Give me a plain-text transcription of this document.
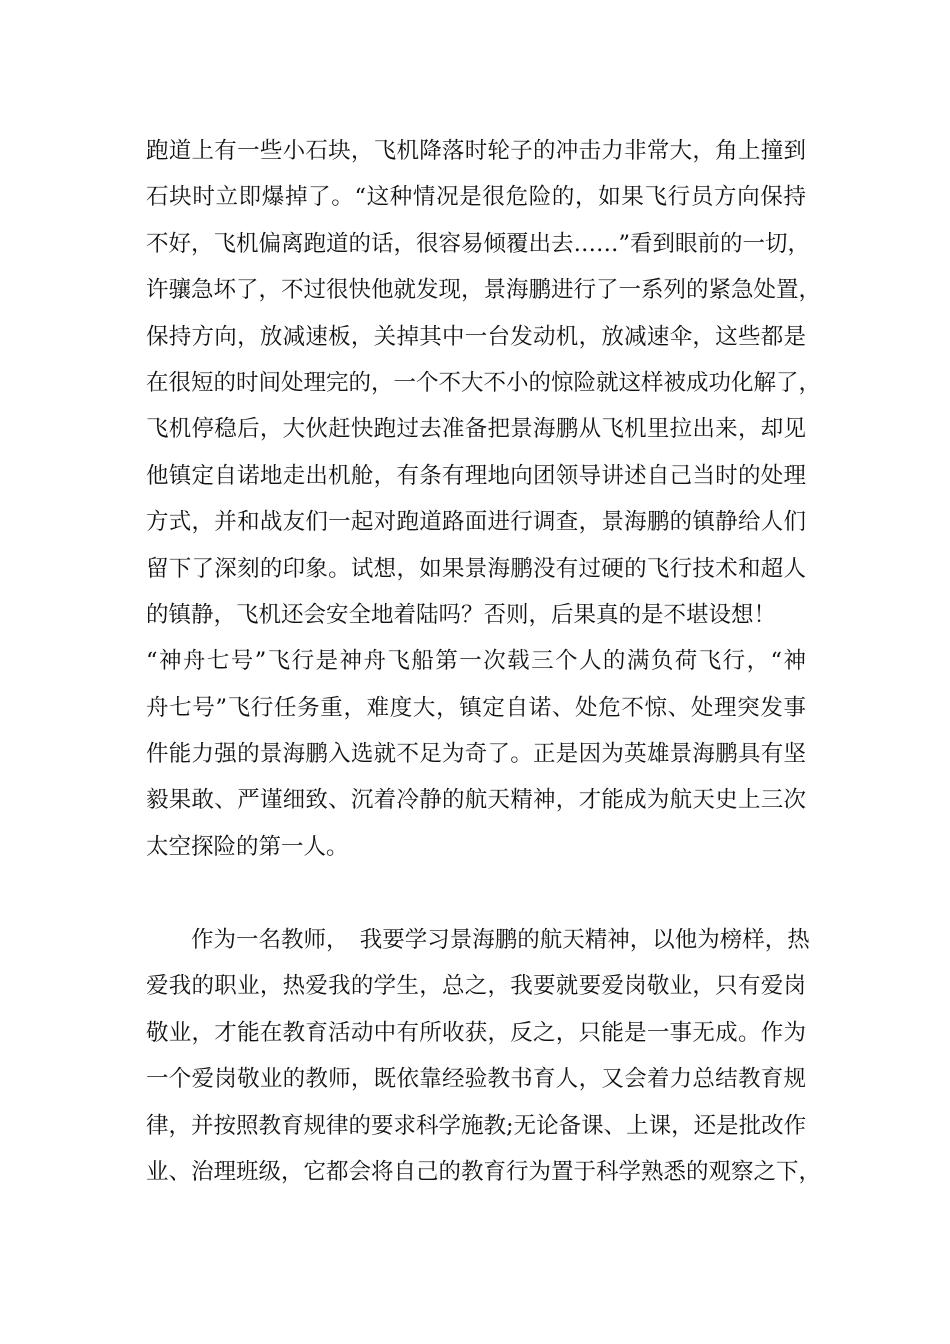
跑道上有一些小石块，飞机降落时轮子的冲击力非常大，角上撞到
石块时立即爆掉了。“这种情况是很危险的，如果飞行员方向保持
不好，飞机偏离跑道的话，很容易倾覆出去……”看到眼前的一切，
许骧急坏了，不过很快他就发现，景海鹏进行了一系列的紧急处置，
保持方向，放减速板，关掉其中一台发动机，放减速伞，这些都是
在很短的时间处理完的，一个不大不小的惊险就这样被成功化解了，
飞机停稳后，大伙赶快跑过去准备把景海鹏从飞机里拉出来，却见
他镇定自诺地走出机舱，有条有理地向团领导讲述自己当时的处理
方式，并和战友们一起对跑道路面进行调查，景海鹏的镇静给人们
留下了深刻的印象。试想，如果景海鹏没有过硬的飞行技术和超人
的镇静，飞机还会安全地着陆吗？否则，后果真的是不堪设想！
“神舟七号”飞行是神舟飞船第一次载三个人的满负荷飞行，“神
舟七号”飞行任务重，难度大，镇定自诺、处危不惊、处理突发事
件能力强的景海鹏入选就不足为奇了。正是因为英雄景海鹏具有坚
毅果敢、严谨细致、沉着冷静的航天精神，才能成为航天史上三次
太空探险的第一人。
　　作为一名教师，　我要学习景海鹏的航天精神，以他为榜样，热
爱我的职业，热爱我的学生，总之，我要就要爱岗敬业，只有爱岗
敬业，才能在教育活动中有所收获，反之，只能是一事无成。作为
一个爱岗敬业的教师，既依靠经验教书育人，又会着力总结教育规
律，并按照教育规律的要求科学施教;无论备课、上课，还是批改作
业、治理班级，它都会将自己的教育行为置于科学熟悉的观察之下，
